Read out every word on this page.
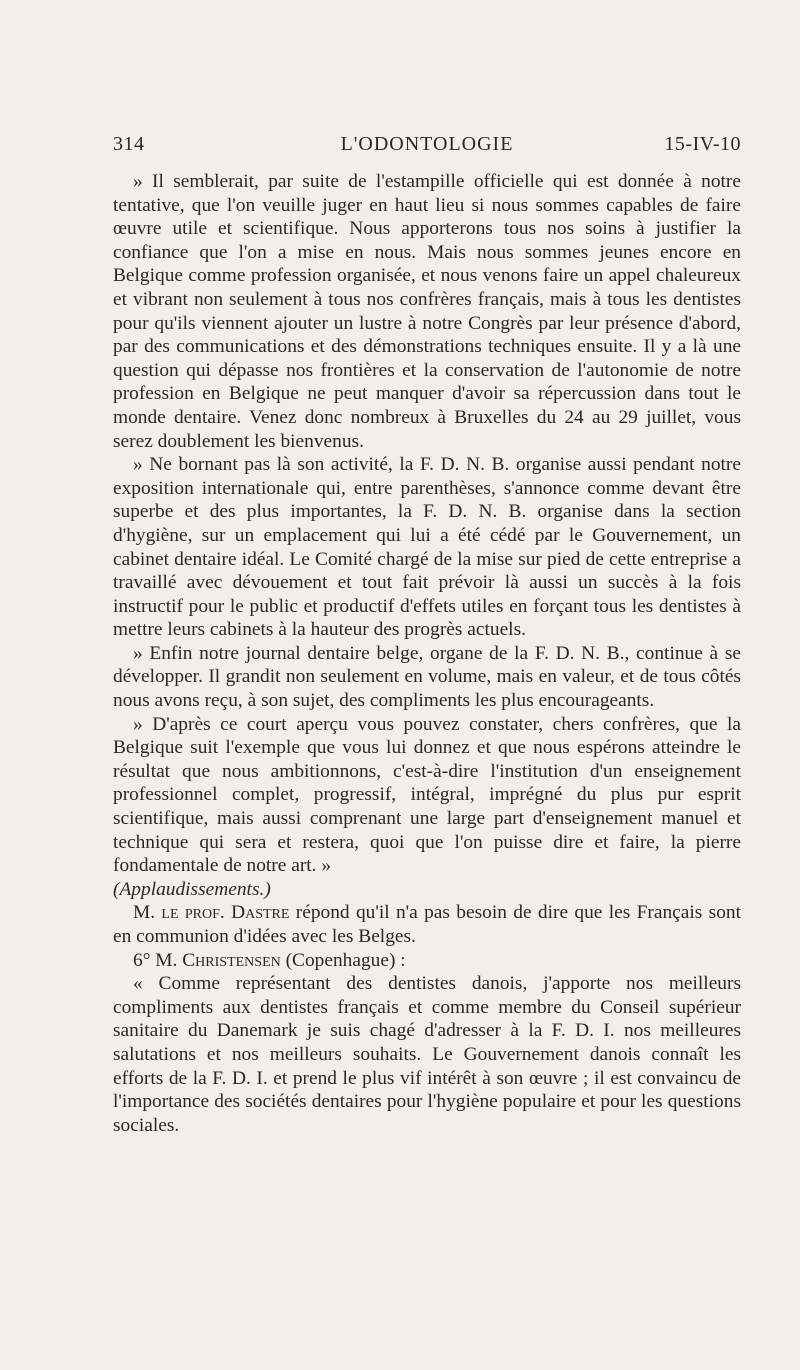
314	L'ODONTOLOGIE	15-IV-10

» Il semblerait, par suite de l'estampille officielle qui est donnée à notre tentative, que l'on veuille juger en haut lieu si nous sommes capables de faire œuvre utile et scientifique. Nous apporterons tous nos soins à justifier la confiance que l'on a mise en nous. Mais nous sommes jeunes encore en Belgique comme profession organisée, et nous venons faire un appel chaleureux et vibrant non seulement à tous nos confrères français, mais à tous les dentistes pour qu'ils viennent ajouter un lustre à notre Congrès par leur présence d'abord, par des communications et des démonstrations techniques ensuite. Il y a là une question qui dépasse nos frontières et la conservation de l'autonomie de notre profession en Belgique ne peut manquer d'avoir sa répercussion dans tout le monde dentaire. Venez donc nombreux à Bruxelles du 24 au 29 juillet, vous serez doublement les bienvenus.

» Ne bornant pas là son activité, la F. D. N. B. organise aussi pendant notre exposition internationale qui, entre parenthèses, s'annonce comme devant être superbe et des plus importantes, la F. D. N. B. organise dans la section d'hygiène, sur un emplacement qui lui a été cédé par le Gouvernement, un cabinet dentaire idéal. Le Comité chargé de la mise sur pied de cette entreprise a travaillé avec dévouement et tout fait prévoir là aussi un succès à la fois instructif pour le public et productif d'effets utiles en forçant tous les dentistes à mettre leurs cabinets à la hauteur des progrès actuels.

» Enfin notre journal dentaire belge, organe de la F. D. N. B., continue à se développer. Il grandit non seulement en volume, mais en valeur, et de tous côtés nous avons reçu, à son sujet, des compliments les plus encourageants.

» D'après ce court aperçu vous pouvez constater, chers confrères, que la Belgique suit l'exemple que vous lui donnez et que nous espérons atteindre le résultat que nous ambitionnons, c'est-à-dire l'institution d'un enseignement professionnel complet, progressif, intégral, imprégné du plus pur esprit scientifique, mais aussi comprenant une large part d'enseignement manuel et technique qui sera et restera, quoi que l'on puisse dire et faire, la pierre fondamentale de notre art. »

(Applaudissements.)

M. le prof. Dastre répond qu'il n'a pas besoin de dire que les Français sont en communion d'idées avec les Belges.

6° M. Christensen (Copenhague) :

« Comme représentant des dentistes danois, j'apporte nos meilleurs compliments aux dentistes français et comme membre du Conseil supérieur sanitaire du Danemark je suis chagé d'adresser à la F. D. I. nos meilleures salutations et nos meilleurs souhaits. Le Gouvernement danois connaît les efforts de la F. D. I. et prend le plus vif intérêt à son œuvre ; il est convaincu de l'importance des sociétés dentaires pour l'hygiène populaire et pour les questions sociales.
